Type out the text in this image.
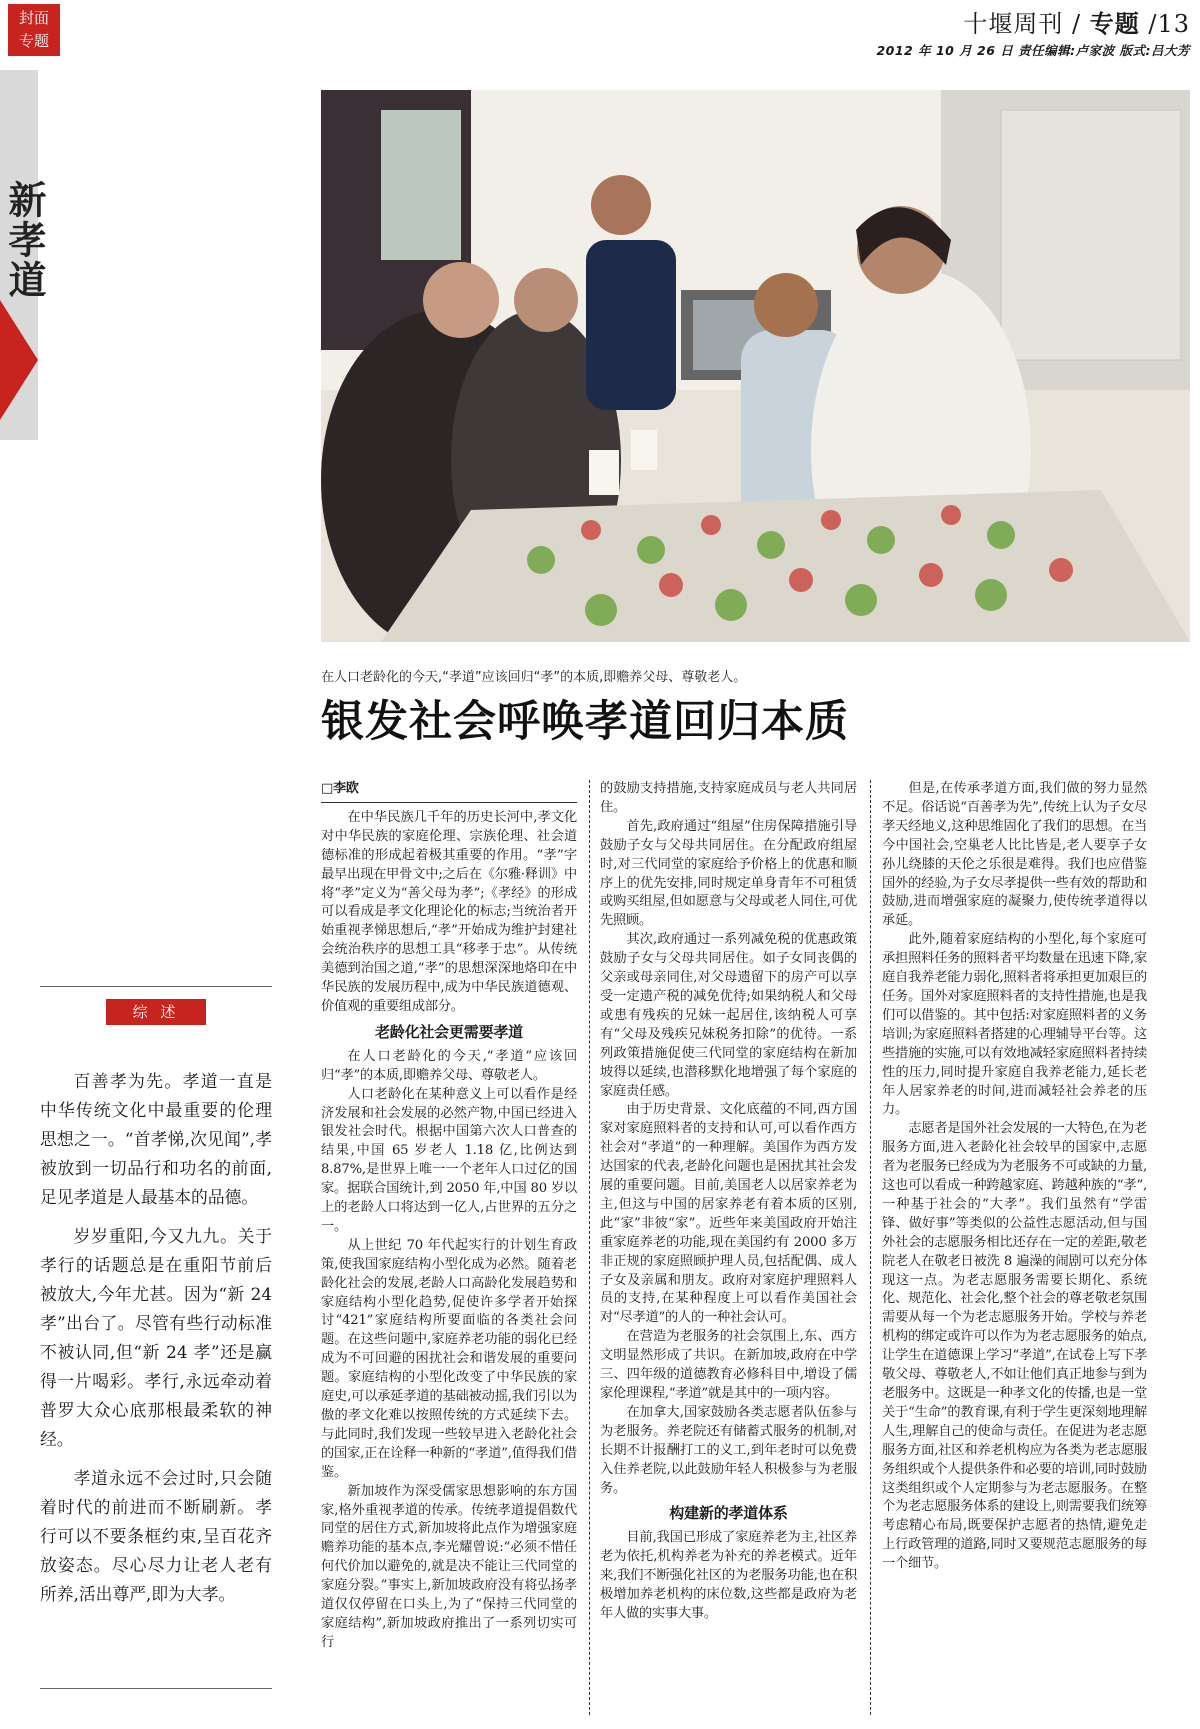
封面
专题
十堰周刊 / 专题 /13
2012 年 10 月 26 日 责任编辑:卢家波 版式:吕大芳
新孝道
在人口老龄化的今天,“孝道”应该回归“孝”的本质,即赡养父母、尊敬老人。
银发社会呼唤孝道回归本质
综 述

百善孝为先。孝道一直是中华传统文化中最重要的伦理思想之一。“首孝悌,次见闻”,孝被放到一切品行和功名的前面,足见孝道是人最基本的品德。

岁岁重阳,今又九九。关于孝行的话题总是在重阳节前后被放大,今年尤甚。因为“新 24 孝”出台了。尽管有些行动标准不被认同,但“新 24 孝”还是赢得一片喝彩。孝行,永远牵动着普罗大众心底那根最柔软的神经。

孝道永远不会过时,只会随着时代的前进而不断刷新。孝行可以不要条框约束,呈百花齐放姿态。尽心尽力让老人老有所养,活出尊严,即为大孝。

□李欧

在中华民族几千年的历史长河中,孝文化对中华民族的家庭伦理、宗族伦理、社会道德标准的形成起着极其重要的作用。“孝”字最早出现在甲骨文中;之后在《尔雅·释训》中将“孝”定义为“善父母为孝”;《孝经》的形成可以看成是孝文化理论化的标志;当统治者开始重视孝悌思想后,“孝”开始成为维护封建社会统治秩序的思想工具“移孝于忠”。从传统美德到治国之道,“孝”的思想深深地烙印在中华民族的发展历程中,成为中华民族道德观、价值观的重要组成部分。

老龄化社会更需要孝道

在人口老龄化的今天,“孝道”应该回归“孝”的本质,即赡养父母、尊敬老人。

人口老龄化在某种意义上可以看作是经济发展和社会发展的必然产物,中国已经进入银发社会时代。根据中国第六次人口普查的结果,中国 65 岁老人 1.18 亿,比例达到 8.87%,是世界上唯一一个老年人口过亿的国家。据联合国统计,到 2050 年,中国 80 岁以上的老龄人口将达到一亿人,占世界的五分之一。

从上世纪 70 年代起实行的计划生育政策,使我国家庭结构小型化成为必然。随着老龄化社会的发展,老龄人口高龄化发展趋势和家庭结构小型化趋势,促使许多学者开始探讨“421”家庭结构所要面临的各类社会问题。在这些问题中,家庭养老功能的弱化已经成为不可回避的困扰社会和谐发展的重要问题。家庭结构的小型化改变了中华民族的家庭史,可以承延孝道的基础被动摇,我们引以为傲的孝文化难以按照传统的方式延续下去。与此同时,我们发现一些较早进入老龄化社会的国家,正在诠释一种新的“孝道”,值得我们借鉴。

新加坡作为深受儒家思想影响的东方国家,格外重视孝道的传承。传统孝道提倡数代同堂的居住方式,新加坡将此点作为增强家庭赡养功能的基本点,李光耀曾说:“必须不惜任何代价加以避免的,就是决不能让三代同堂的家庭分裂。”事实上,新加坡政府没有将弘扬孝道仅仅停留在口头上,为了“保持三代同堂的家庭结构”,新加坡政府推出了一系列切实可行

的鼓励支持措施,支持家庭成员与老人共同居住。

首先,政府通过“组屋”住房保障措施引导鼓励子女与父母共同居住。在分配政府组屋时,对三代同堂的家庭给予价格上的优惠和顺序上的优先安排,同时规定单身青年不可租赁或购买组屋,但如愿意与父母或老人同住,可优先照顾。

其次,政府通过一系列减免税的优惠政策鼓励子女与父母共同居住。如子女同丧偶的父亲或母亲同住,对父母遗留下的房产可以享受一定遗产税的减免优待;如果纳税人和父母或患有残疾的兄妹一起居住,该纳税人可享有“父母及残疾兄妹税务扣除”的优待。一系列政策措施促使三代同堂的家庭结构在新加坡得以延续,也潜移默化地增强了每个家庭的家庭责任感。

由于历史背景、文化底蕴的不同,西方国家对家庭照料者的支持和认可,可以看作西方社会对“孝道”的一种理解。美国作为西方发达国家的代表,老龄化问题也是困扰其社会发展的重要问题。目前,美国老人以居家养老为主,但这与中国的居家养老有着本质的区别,此“家”非彼“家”。近些年来美国政府开始注重家庭养老的功能,现在美国约有 2000 多万非正规的家庭照顾护理人员,包括配偶、成人子女及亲属和朋友。政府对家庭护理照料人员的支持,在某种程度上可以看作美国社会对“尽孝道”的人的一种社会认可。

在营造为老服务的社会氛围上,东、西方文明显然形成了共识。在新加坡,政府在中学三、四年级的道德教育必修科目中,增设了儒家伦理课程,“孝道”就是其中的一项内容。

在加拿大,国家鼓励各类志愿者队伍参与为老服务。养老院还有储蓄式服务的机制,对长期不计报酬打工的义工,到年老时可以免费入住养老院,以此鼓励年轻人积极参与为老服务。

构建新的孝道体系

目前,我国已形成了家庭养老为主,社区养老为依托,机构养老为补充的养老模式。近年来,我们不断强化社区的为老服务功能,也在积极增加养老机构的床位数,这些都是政府为老年人做的实事大事。

但是,在传承孝道方面,我们做的努力显然不足。俗话说“百善孝为先”,传统上认为子女尽孝天经地义,这种思维固化了我们的思想。在当今中国社会,空巢老人比比皆是,老人要享子女孙儿绕膝的天伦之乐很是难得。我们也应借鉴国外的经验,为子女尽孝提供一些有效的帮助和鼓励,进而增强家庭的凝聚力,使传统孝道得以承延。

此外,随着家庭结构的小型化,每个家庭可承担照料任务的照料者平均数量在迅速下降,家庭自我养老能力弱化,照料者将承担更加艰巨的任务。国外对家庭照料者的支持性措施,也是我们可以借鉴的。其中包括:对家庭照料者的义务培训;为家庭照料者搭建的心理辅导平台等。这些措施的实施,可以有效地减轻家庭照料者持续性的压力,同时提升家庭自我养老能力,延长老年人居家养老的时间,进而减轻社会养老的压力。

志愿者是国外社会发展的一大特色,在为老服务方面,进入老龄化社会较早的国家中,志愿者为老服务已经成为为老服务不可或缺的力量,这也可以看成一种跨越家庭、跨越种族的“孝”,一种基于社会的“大孝”。我们虽然有“学雷锋、做好事”等类似的公益性志愿活动,但与国外社会的志愿服务相比还存在一定的差距,敬老院老人在敬老日被洗 8 遍澡的闹剧可以充分体现这一点。为老志愿服务需要长期化、系统化、规范化、社会化,整个社会的尊老敬老氛围需要从每一个为老志愿服务开始。学校与养老机构的绑定或许可以作为为老志愿服务的始点,让学生在道德课上学习“孝道”,在试卷上写下孝敬父母、尊敬老人,不如让他们真正地参与到为老服务中。这既是一种孝文化的传播,也是一堂关于“生命”的教育课,有利于学生更深刻地理解人生,理解自己的使命与责任。在促进为老志愿服务方面,社区和养老机构应为各类为老志愿服务组织或个人提供条件和必要的培训,同时鼓励这类组织或个人定期参与为老志愿服务。在整个为老志愿服务体系的建设上,则需要我们统筹考虑精心布局,既要保护志愿者的热情,避免走上行政管理的道路,同时又要规范志愿服务的每一个细节。
